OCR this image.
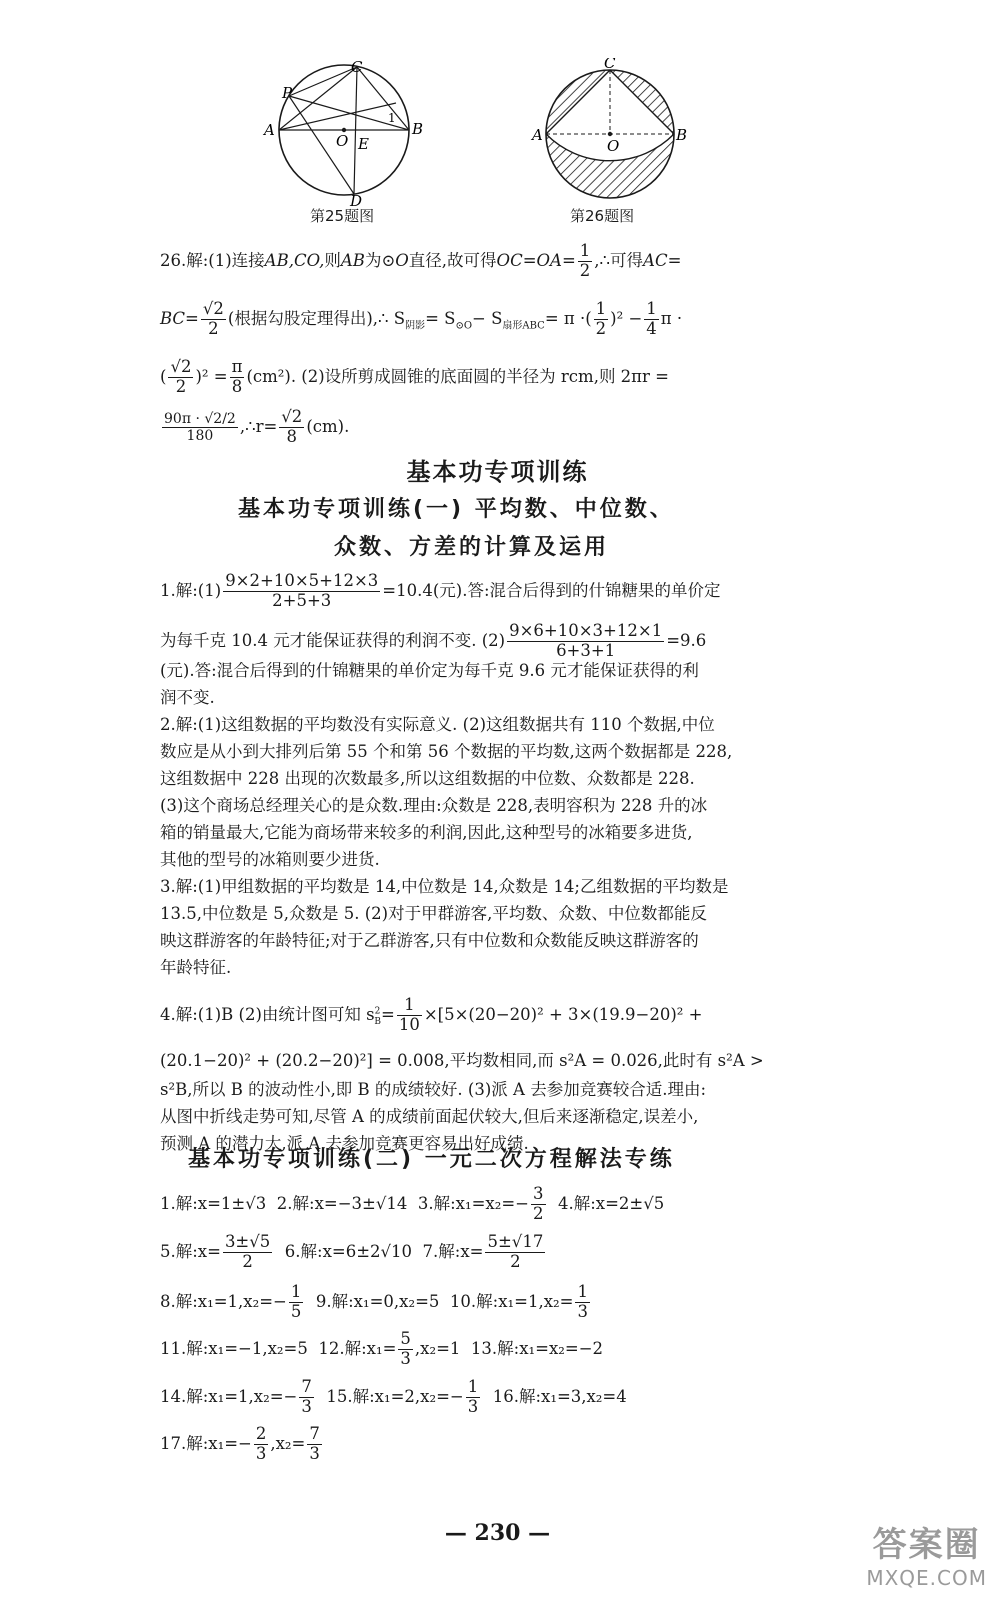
P
C
A	B
O E
D
1
第25题图
C
A	B
O
第26题图
26.解:(1)连接AB,CO,则AB为⊙O直径,故可得$OC=OA= \frac{1}{2}$ ,∴可得AC=
$BC= \frac{√2}{2}$ (根据勾股定理得出),∴ $S_{阴影}= S_{⊙O}- S_{扇形ABC}= \pi$ ·( $\frac{1}{2} )^2 - \frac{1}{4}$ π ·
( $\frac{√2}{2} )^2 = \frac{\pi}{8} (cm^2)$. (2)设所剪成圆锥的底面圆的半径为 rcm,则 2πr =
$\frac{90\pi \cdot √2/2}{180}$ ,∴r= $\frac{√2}{8} (cm)$.
基本功专项训练
基本功专项训练(一) 平均数、中位数、
众数、方差的计算及运用
1.解:(1) $\frac{9\times 2+10\times 5+12\times 3}{2+5+3} =10.4$(元).答:混合后得到的什锦糖果的单价定
为每千克 10.4 元才能保证获得的利润不变. $(2) \frac{9\times 6+10\times 3+12\times 1}{6+3+1} =9.6$
(元).答:混合后得到的什锦糖果的单价定为每千克 9.6 元才能保证获得的利
润不变.
2.解:(1)这组数据的平均数没有实际意义. (2)这组数据共有 110 个数据,中位
数应是从小到大排列后第 55 个和第 56 个数据的平均数,这两个数据都是 228,
这组数据中 228 出现的次数最多,所以这组数据的中位数、众数都是 228.
(3)这个商场总经理关心的是众数.理由:众数是 228,表明容积为 228 升的冰
箱的销量最大,它能为商场带来较多的利润,因此,这种型号的冰箱要多进货,
其他的型号的冰箱则要少进货.
3.解:(1)甲组数据的平均数是 14,中位数是 14,众数是 14;乙组数据的平均数是
13.5,中位数是 5,众数是 5. (2)对于甲群游客,平均数、众数、中位数都能反
映这群游客的年龄特征;对于乙群游客,只有中位数和众数能反映这群游客的
年龄特征.
4.解:(1)B (2)由统计图可知 $s^2_B= \frac{1}{10} \times[5\times(20-20)^2 + 3\times(19.9-20)^2$ +
(20.1−20)² + (20.2−20)²] = 0.008,平均数相同,而 s²A = 0.026,此时有 s²A >
s²B,所以 B 的波动性小,即 B 的成绩较好. (3)派 A 去参加竞赛较合适.理由:
从图中折线走势可知,尽管 A 的成绩前面起伏较大,但后来逐渐稳定,误差小,
预测 A 的潜力大,派 A 去参加竞赛更容易出好成绩.
基本功专项训练(二) 一元二次方程解法专练
1.解:x=1±√3 2.解:x=−3±√14 3.解:x₁=x₂=− $\frac{3}{2} 4$.解:x=2±√5
5.解:x= $\frac{3\pm√5}{2} 6$.解:x=6±2√10 7.解:x= $\frac{5\pm√17}{2}$
8.解:x₁=1,x₂=− $\frac{1}{5} 9$.解:x₁=0,x₂=5 10.解:x₁=1,x₂= $\frac{1}{3}$
11.解:x₁=−1,x₂=5 12.解:x₁= $\frac{5}{3} ,x_2=1$ 13.解:x₁=x₂=−2
14.解:x₁=1,x₂=− $\frac{7}{3} 15$.解:x₁=2,x₂=− $\frac{1}{3} 16$.解:x₁=3,x₂=4
17.解:x₁=− $\frac{2}{3} ,x_2= \frac{7}{3}$
— 230 —	答案圈
MXQE.COM
